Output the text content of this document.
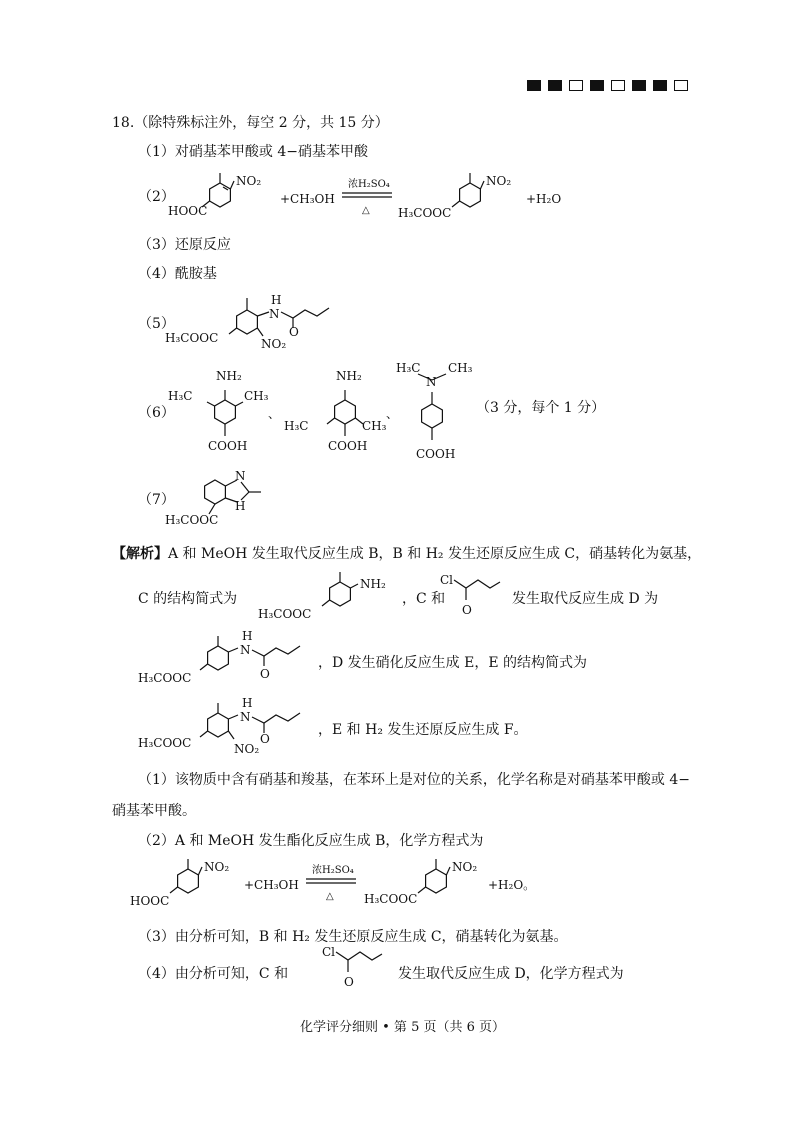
18.（除特殊标注外，每空 2 分，共 15 分）
（1）对硝基苯甲酸或 4−硝基苯甲酸
（2）
HOOC
NO₂
+CH₃OH
浓H₂SO₄
△ H₃COOC
NO₂
+H₂O
（3）还原反应
（4）酰胺基
（5）
H₃COOC
H
N
O
NO₂
（6）
NH₂
H₃C	CH₃
COOH
、
NH₂
H₃C	CH₃
COOH
、
H₃C
N
CH₃
COOH
（3 分，每个 1 分）
（7）
N
H
H₃COOC
【解析】A 和 MeOH 发生取代反应生成 B，B 和 H₂ 发生还原反应生成 C，硝基转化为氨基，
C 的结构简式为
H₃COOC
NH₂
，C 和
Cl
O
发生取代反应生成 D 为
H₃COOC
H
N
O
，D 发生硝化反应生成 E，E 的结构简式为
H₃COOC
H
N
O
NO₂
，E 和 H₂ 发生还原反应生成 F。
（1）该物质中含有硝基和羧基，在苯环上是对位的关系，化学名称是对硝基苯甲酸或 4−
硝基苯甲酸。
（2）A 和 MeOH 发生酯化反应生成 B，化学方程式为
HOOC
NO₂
+CH₃OH
浓H₂SO₄
△	H₃COOC
NO₂
+H₂O。
（3）由分析可知，B 和 H₂ 发生还原反应生成 C，硝基转化为氨基。
（4）由分析可知，C 和
Cl
O	发生取代反应生成 D，化学方程式为
化学评分细则 • 第 5 页（共 6 页）
